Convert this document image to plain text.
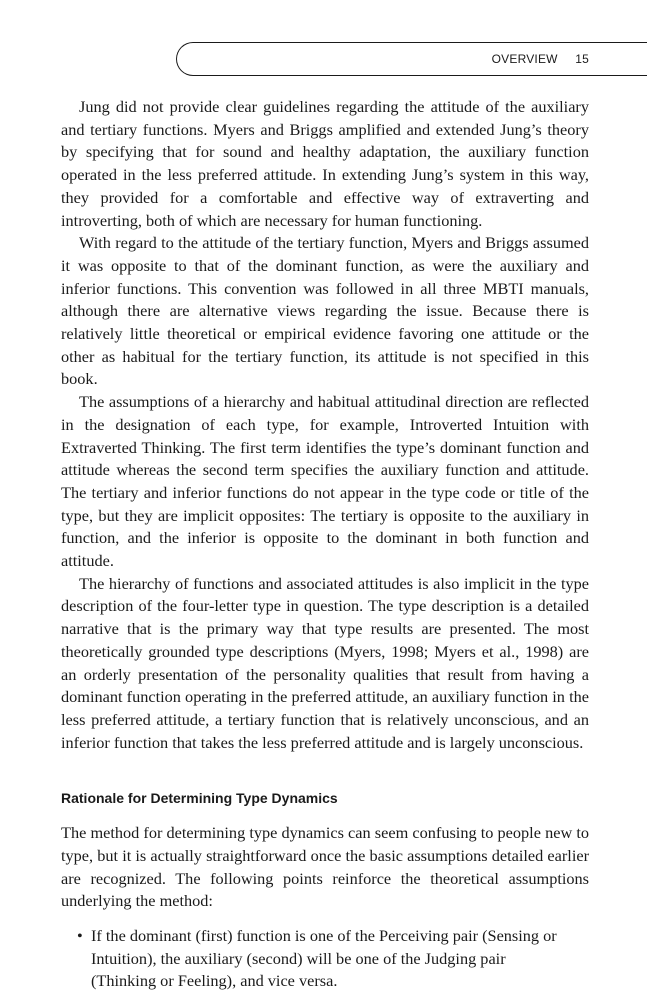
OVERVIEW 15

Jung did not provide clear guidelines regarding the attitude of the auxiliary and tertiary functions. Myers and Briggs amplified and extended Jung’s theory by specifying that for sound and healthy adaptation, the auxiliary function operated in the less preferred attitude. In extending Jung’s system in this way, they provided for a comfortable and effective way of extraverting and introverting, both of which are necessary for human functioning.

With regard to the attitude of the tertiary function, Myers and Briggs assumed it was opposite to that of the dominant function, as were the auxiliary and inferior functions. This convention was followed in all three MBTI manuals, although there are alternative views regarding the issue. Because there is relatively little theoretical or empirical evidence favoring one attitude or the other as habitual for the tertiary function, its attitude is not specified in this book.

The assumptions of a hierarchy and habitual attitudinal direction are reflected in the designation of each type, for example, Introverted Intuition with Extraverted Thinking. The first term identifies the type’s dominant function and attitude whereas the second term specifies the auxiliary function and attitude. The tertiary and inferior functions do not appear in the type code or title of the type, but they are implicit opposites: The tertiary is opposite to the auxiliary in function, and the inferior is opposite to the dominant in both function and attitude.

The hierarchy of functions and associated attitudes is also implicit in the type description of the four-letter type in question. The type description is a detailed narrative that is the primary way that type results are presented. The most theoretically grounded type descriptions (Myers, 1998; Myers et al., 1998) are an orderly presentation of the personality qualities that result from having a dominant function operating in the preferred attitude, an auxiliary function in the less preferred attitude, a tertiary function that is relatively unconscious, and an inferior function that takes the less preferred attitude and is largely unconscious.

Rationale for Determining Type Dynamics

The method for determining type dynamics can seem confusing to people new to type, but it is actually straightforward once the basic assumptions detailed earlier are recognized. The following points reinforce the theoretical assumptions underlying the method:

• If the dominant (first) function is one of the Perceiving pair (Sensing or Intuition), the auxiliary (second) will be one of the Judging pair (Thinking or Feeling), and vice versa.
